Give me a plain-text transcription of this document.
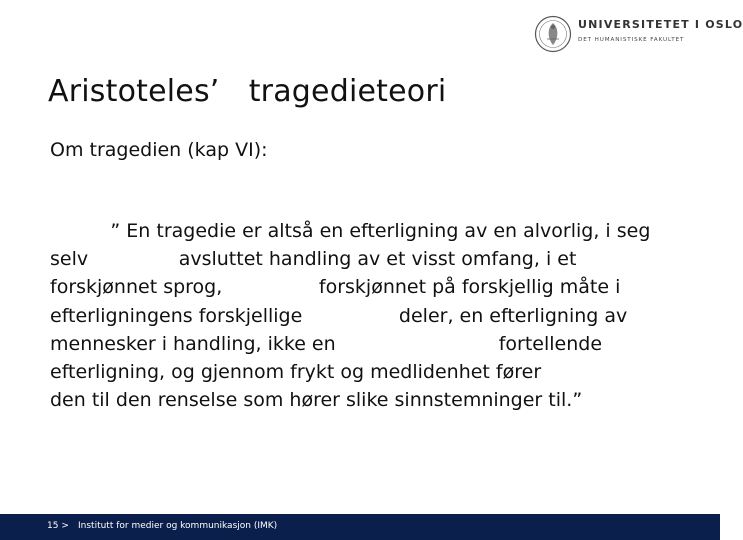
UNIVERSITETET I OSLO
DET HUMANISTISKE FAKULTET
Aristoteles’   tragedieteori
Om tragedien (kap VI):
” En tragedie er altså en efterligning av en alvorlig, i seg
selv               avsluttet handling av et visst omfang, i et
forskjønnet sprog,                forskjønnet på forskjellig måte i
efterligningens forskjellige                deler, en efterligning av
mennesker i handling, ikke en                           fortellende
efterligning, og gjennom frykt og medlidenhet fører
den til den renselse som hører slike sinnstemninger til.”
15 > Institutt for medier og kommunikasjon (IMK)
